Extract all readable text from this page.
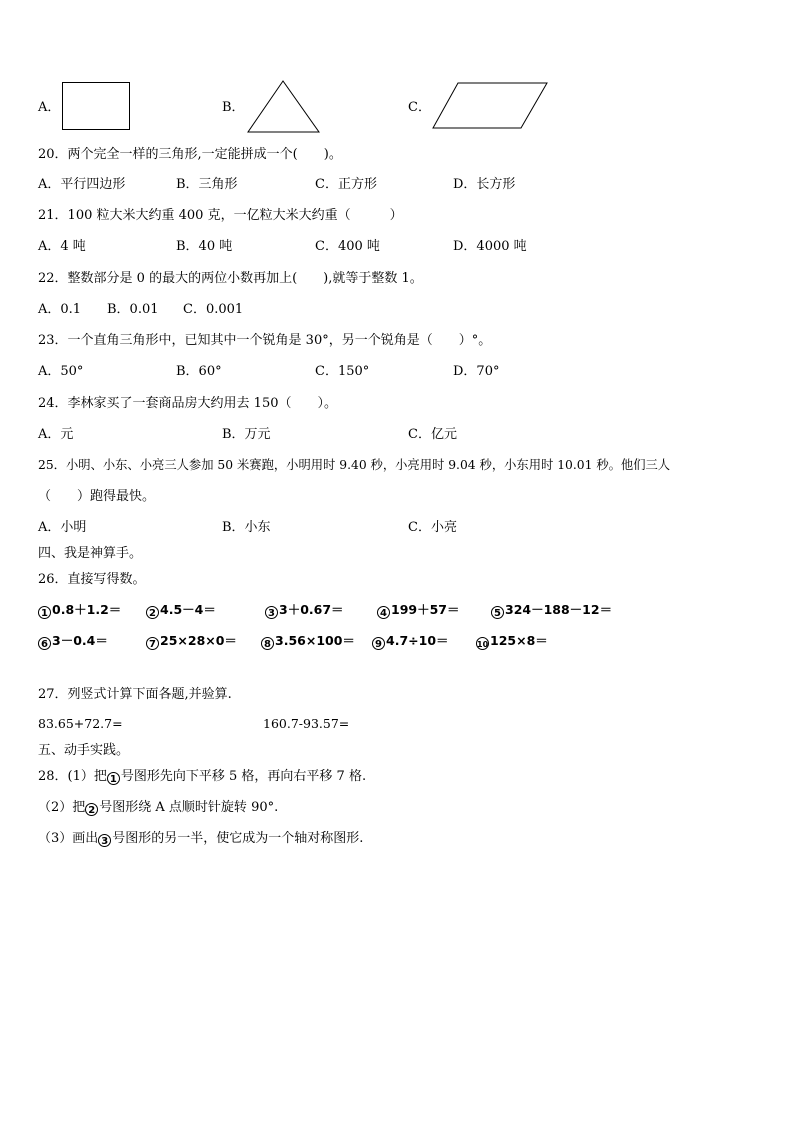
A．	B．	C．
20．两个完全一样的三角形,一定能拼成一个(　　)。
A．平行四边形	B．三角形	C．正方形	D．长方形
21．100 粒大米大约重 400 克，一亿粒大米大约重（　　　）
A．4 吨	B．40 吨	C．400 吨	D．4000 吨
22．整数部分是 0 的最大的两位小数再加上(　　),就等于整数 1。
A．0.1 B．0.01 C．0.001
23．一个直角三角形中，已知其中一个锐角是 30°，另一个锐角是（　　）°。
A．50°	B．60°	C．150°	D．70°
24．李林家买了一套商品房大约用去 150（　　）。
A．元	B．万元	C．亿元
25．小明、小东、小亮三人参加 50 米赛跑，小明用时 9.40 秒，小亮用时 9.04 秒，小东用时 10.01 秒。他们三人
（　　）跑得最快。
A．小明	B．小东	C．小亮
四、我是神算手。
26．直接写得数。
1 0.8＋1.2＝	2 4.5－4＝	3 3＋0.67＝	4 199＋57＝	5 324－188－12＝
6 3－0.4＝	7 25×28×0＝	8 3.56×100＝	9 4.7÷10＝	10 125×8＝
27．列竖式计算下面各题,并验算.
83.65+72.7=	160.7-93.57=
五、动手实践。
28．(1）把 1 号图形先向下平移 5 格，再向右平移 7 格.
（2）把 2 号图形绕 A 点顺时针旋转 90°.
（3）画出 3 号图形的另一半，使它成为一个轴对称图形.
